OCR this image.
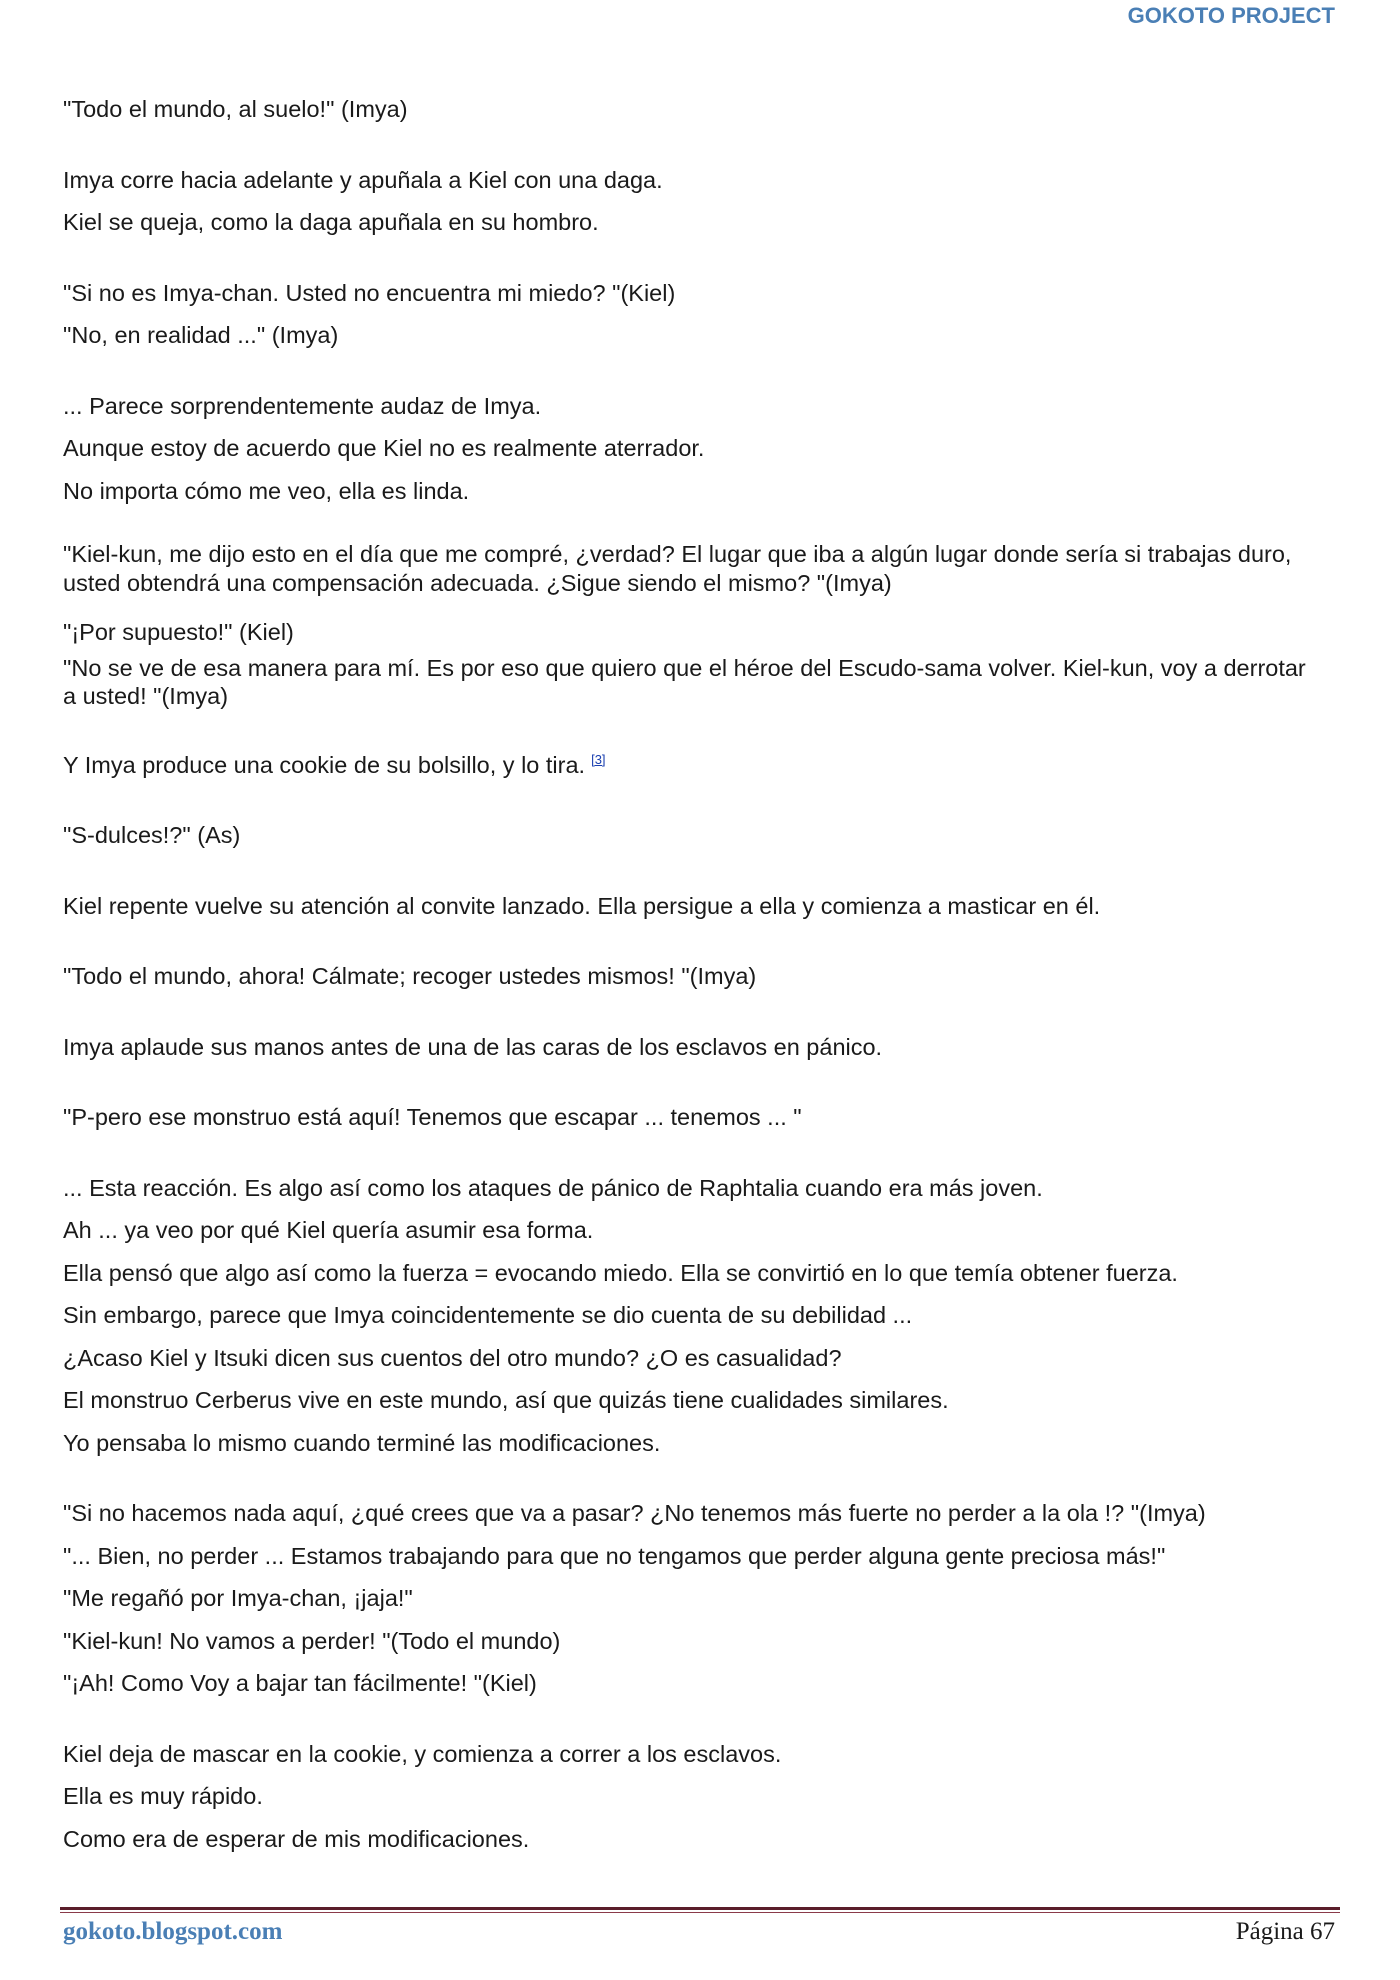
GOKOTO PROJECT
"Todo el mundo, al suelo!" (Imya)
Imya corre hacia adelante y apuñala a Kiel con una daga.
Kiel se queja, como la daga apuñala en su hombro.
"Si no es Imya-chan. Usted no encuentra mi miedo? "(Kiel)
"No, en realidad ..." (Imya)
... Parece sorprendentemente audaz de Imya.
Aunque estoy de acuerdo que Kiel no es realmente aterrador.
No importa cómo me veo, ella es linda.
"Kiel-kun, me dijo esto en el día que me compré, ¿verdad? El lugar que iba a algún lugar donde sería si trabajas duro, usted obtendrá una compensación adecuada. ¿Sigue siendo el mismo? "(Imya)
"¡Por supuesto!" (Kiel)
"No se ve de esa manera para mí. Es por eso que quiero que el héroe del Escudo-sama volver. Kiel-kun, voy a derrotar a usted! "(Imya)
Y Imya produce una cookie de su bolsillo, y lo tira. [3]
"S-dulces!?" (As)
Kiel repente vuelve su atención al convite lanzado. Ella persigue a ella y comienza a masticar en él.
"Todo el mundo, ahora! Cálmate; recoger ustedes mismos! "(Imya)
Imya aplaude sus manos antes de una de las caras de los esclavos en pánico.
"P-pero ese monstruo está aquí! Tenemos que escapar ... tenemos ... "
... Esta reacción. Es algo así como los ataques de pánico de Raphtalia cuando era más joven.
Ah ... ya veo por qué Kiel quería asumir esa forma.
Ella pensó que algo así como la fuerza = evocando miedo. Ella se convirtió en lo que temía obtener fuerza.
Sin embargo, parece que Imya coincidentemente se dio cuenta de su debilidad ...
¿Acaso Kiel y Itsuki dicen sus cuentos del otro mundo? ¿O es casualidad?
El monstruo Cerberus vive en este mundo, así que quizás tiene cualidades similares.
Yo pensaba lo mismo cuando terminé las modificaciones.
"Si no hacemos nada aquí, ¿qué crees que va a pasar? ¿No tenemos más fuerte no perder a la ola !? "(Imya)
"... Bien, no perder ... Estamos trabajando para que no tengamos que perder alguna gente preciosa más!"
"Me regañó por Imya-chan, ¡jaja!"
"Kiel-kun! No vamos a perder! "(Todo el mundo)
"¡Ah! Como Voy a bajar tan fácilmente! "(Kiel)
Kiel deja de mascar en la cookie, y comienza a correr a los esclavos.
Ella es muy rápido.
Como era de esperar de mis modificaciones.
gokoto.blogspot.com	Página 67
